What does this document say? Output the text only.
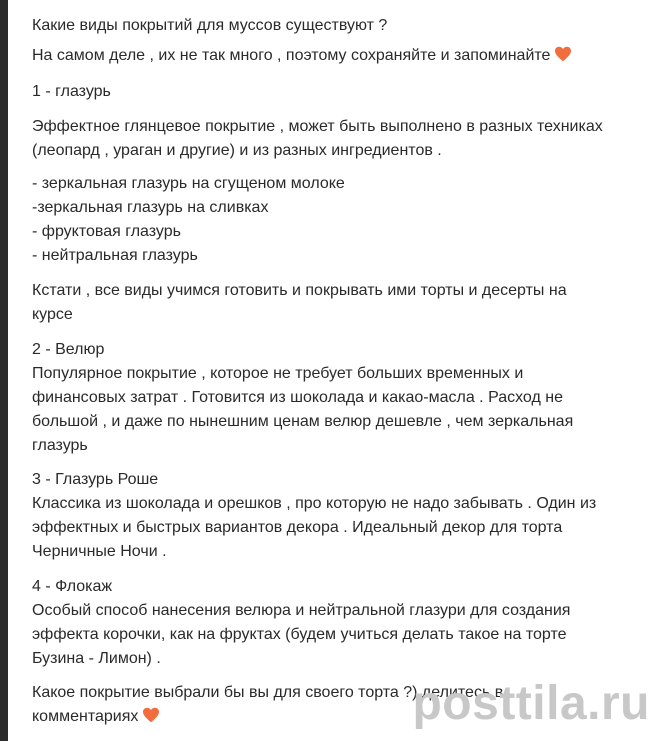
Какие виды покрытий для муссов существуют ?

На самом деле , их не так много , поэтому сохраняйте и запоминайте

1 - глазурь

Эффектное глянцевое покрытие , может быть выполнено в разных техниках

(леопард , ураган и другие) и из разных ингредиентов .

- зеркальная глазурь на сгущеном молоке

-зеркальная глазурь на сливках

- фруктовая глазурь

- нейтральная глазурь

Кстати , все виды учимся готовить и покрывать ими торты и десерты на

курсе

2 - Велюр

Популярное покрытие , которое не требует больших временных и

финансовых затрат . Готовится из шоколада и какао-масла . Расход не

большой , и даже по нынешним ценам велюр дешевле , чем зеркальная

глазурь

3 - Глазурь Роше

Классика из шоколада и орешков , про которую не надо забывать . Один из

эффектных и быстрых вариантов декора . Идеальный декор для торта

Черничные Ночи .

4 - Флокаж

Особый способ нанесения велюра и нейтральной глазури для создания

эффекта корочки, как на фруктах (будем учиться делать такое на торте

Бузина - Лимон) .

Какое покрытие выбрали бы вы для своего торта ?) делитесь в

комментариях	posttila.ru
